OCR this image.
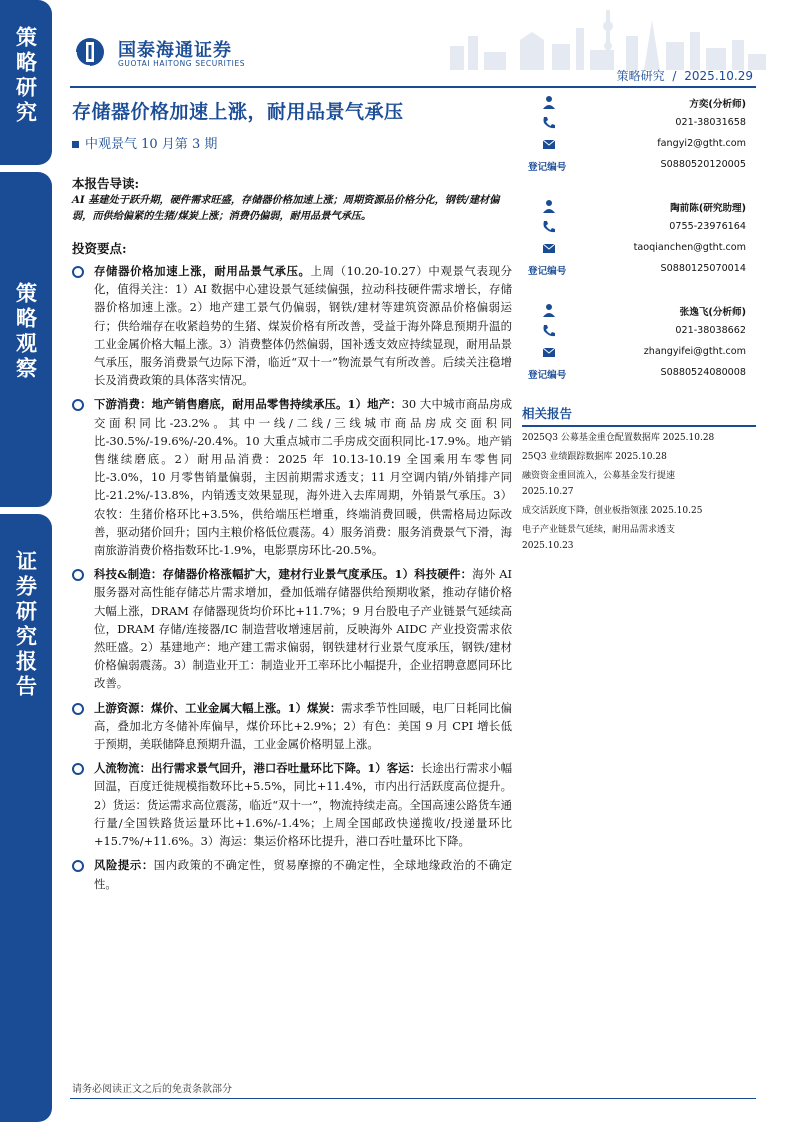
策略研究
策略观察
证券研究报告
国泰海通证券
GUOTAI HAITONG SECURITIES
策略研究 / 2025.10.29
存储器价格加速上涨，耐用品景气承压
中观景气 10 月第 3 期
本报告导读:
AI 基建处于跃升期，硬件需求旺盛，存储器价格加速上涨；周期资源品价格分化，钢铁/建材偏弱，而供给偏紧的生猪/煤炭上涨；消费仍偏弱，耐用品景气承压。
投资要点:
存储器价格加速上涨，耐用品景气承压。上周（10.20-10.27）中观景气表现分化，值得关注：1）AI 数据中心建设景气延续偏强，拉动科技硬件需求增长，存储器价格加速上涨。2）地产建工景气仍偏弱，钢铁/建材等建筑资源品价格偏弱运行；供给端存在收紧趋势的生猪、煤炭价格有所改善，受益于海外降息预期升温的工业金属价格大幅上涨。3）消费整体仍然偏弱，国补透支效应持续显现，耐用品景气承压，服务消费景气边际下滑，临近“双十一”物流景气有所改善。后续关注稳增长及消费政策的具体落实情况。
下游消费：地产销售磨底，耐用品零售持续承压。1）地产：30 大中城市商品房成交面积同比-23.2%。其中一线/二线/三线城市商品房成交面积同比-30.5%/-19.6%/-20.4%。10 大重点城市二手房成交面积同比-17.9%。地产销售继续磨底。2）耐用品消费：2025 年 10.13-10.19 全国乘用车零售同比-3.0%，10 月零售销量偏弱，主因前期需求透支；11 月空调内销/外销排产同比-21.2%/-13.8%，内销透支效果显现，海外进入去库周期，外销景气承压。3）农牧：生猪价格环比+3.5%，供给端压栏增重，终端消费回暖，供需格局边际改善，驱动猪价回升；国内主粮价格低位震荡。4）服务消费：服务消费景气下滑，海南旅游消费价格指数环比-1.9%，电影票房环比-20.5%。
科技&制造：存储器价格涨幅扩大，建材行业景气度承压。1）科技硬件：海外 AI 服务器对高性能存储芯片需求增加，叠加低端存储器供给预期收紧，推动存储价格大幅上涨，DRAM 存储器现货均价环比+11.7%；9 月台股电子产业链景气延续高位，DRAM 存储/连接器/IC 制造营收增速居前，反映海外 AIDC 产业投资需求依然旺盛。2）基建地产：地产建工需求偏弱，钢铁建材行业景气度承压，钢铁/建材价格偏弱震荡。3）制造业开工：制造业开工率环比小幅提升，企业招聘意愿同环比改善。
上游资源：煤价、工业金属大幅上涨。1）煤炭：需求季节性回暖，电厂日耗同比偏高，叠加北方冬储补库偏早，煤价环比+2.9%；2）有色：美国 9 月 CPI 增长低于预期，美联储降息预期升温，工业金属价格明显上涨。
人流物流：出行需求景气回升，港口吞吐量环比下降。1）客运：长途出行需求小幅回温，百度迁徙规模指数环比+5.5%，同比+11.4%，市内出行活跃度高位提升。2）货运：货运需求高位震荡，临近“双十一”，物流持续走高。全国高速公路货车通行量/全国铁路货运量环比+1.6%/-1.4%；上周全国邮政快递揽收/投递量环比+15.7%/+11.6%。3）海运：集运价格环比提升，港口吞吐量环比下降。
风险提示：国内政策的不确定性，贸易摩擦的不确定性，全球地缘政治的不确定性。
方奕(分析师)
021-38031658
fangyi2@gtht.com
登记编号	S0880520120005
陶前陈(研究助理)
0755-23976164
taoqianchen@gtht.com
登记编号	S0880125070014
张逸飞(分析师)
021-38038662
zhangyifei@gtht.com
登记编号	S0880524080008
相关报告
2025Q3 公募基金重仓配置数据库 2025.10.28
25Q3 业绩跟踪数据库 2025.10.28
融资资金重回流入，公募基金发行提速
2025.10.27
成交活跃度下降，创业板指领涨 2025.10.25
电子产业链景气延续，耐用品需求透支
2025.10.23
请务必阅读正文之后的免责条款部分
